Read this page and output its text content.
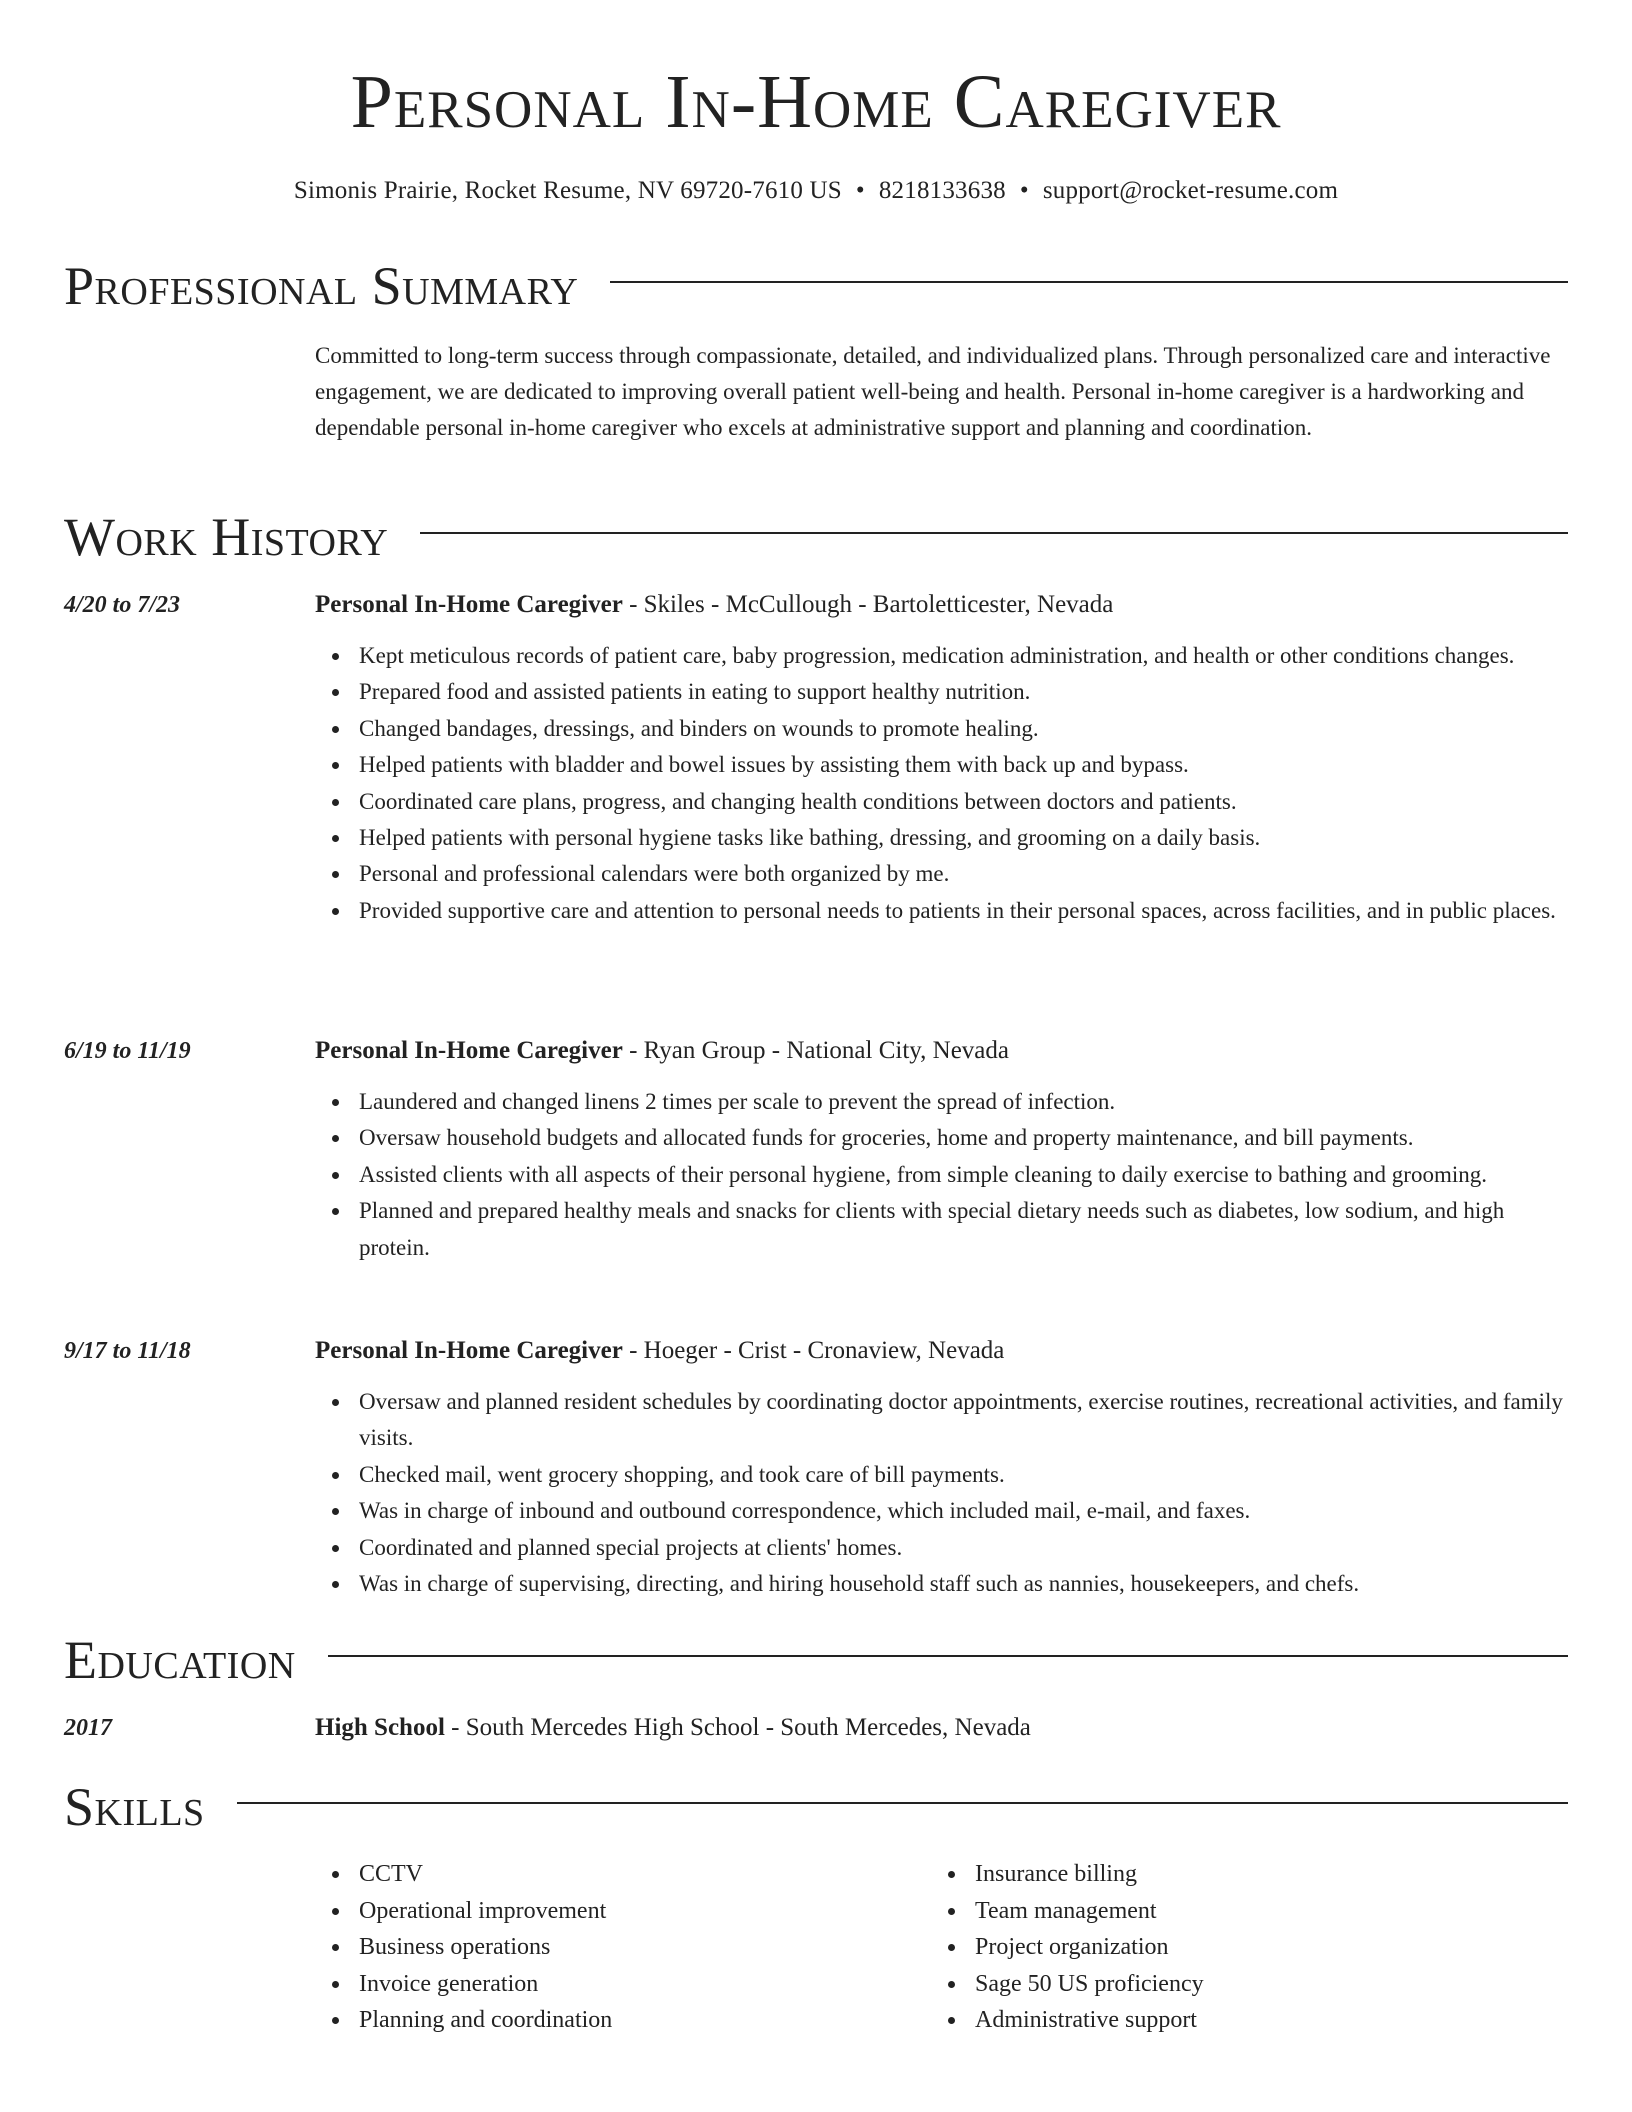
Personal In-Home Caregiver
Simonis Prairie, Rocket Resume, NV 69720-7610 US • 8218133638 • support@rocket-resume.com
Professional Summary

Committed to long-term success through compassionate, detailed, and individualized plans. Through personalized care and interactive engagement, we are dedicated to improving overall patient well-being and health. Personal in-home caregiver is a hardworking and dependable personal in-home caregiver who excels at administrative support and planning and coordination.

Work History
4/20 to 7/23	Personal In-Home Caregiver - Skiles - McCullough - Bartoletticester, Nevada
Kept meticulous records of patient care, baby progression, medication administration, and health or other conditions changes.
Prepared food and assisted patients in eating to support healthy nutrition.
Changed bandages, dressings, and binders on wounds to promote healing.
Helped patients with bladder and bowel issues by assisting them with back up and bypass.
Coordinated care plans, progress, and changing health conditions between doctors and patients.
Helped patients with personal hygiene tasks like bathing, dressing, and grooming on a daily basis.
Personal and professional calendars were both organized by me.
Provided supportive care and attention to personal needs to patients in their personal spaces, across facilities, and in public places.
6/19 to 11/19	Personal In-Home Caregiver - Ryan Group - National City, Nevada
Laundered and changed linens 2 times per scale to prevent the spread of infection.
Oversaw household budgets and allocated funds for groceries, home and property maintenance, and bill payments.
Assisted clients with all aspects of their personal hygiene, from simple cleaning to daily exercise to bathing and grooming.
Planned and prepared healthy meals and snacks for clients with special dietary needs such as diabetes, low sodium, and high protein.
9/17 to 11/18	Personal In-Home Caregiver - Hoeger - Crist - Cronaview, Nevada
Oversaw and planned resident schedules by coordinating doctor appointments, exercise routines, recreational activities, and family visits.
Checked mail, went grocery shopping, and took care of bill payments.
Was in charge of inbound and outbound correspondence, which included mail, e-mail, and faxes.
Coordinated and planned special projects at clients' homes.
Was in charge of supervising, directing, and hiring household staff such as nannies, housekeepers, and chefs.
Education
2017	High School - South Mercedes High School - South Mercedes, Nevada
Skills
CCTV
Operational improvement
Business operations
Invoice generation
Planning and coordination
Insurance billing
Team management
Project organization
Sage 50 US proficiency
Administrative support
